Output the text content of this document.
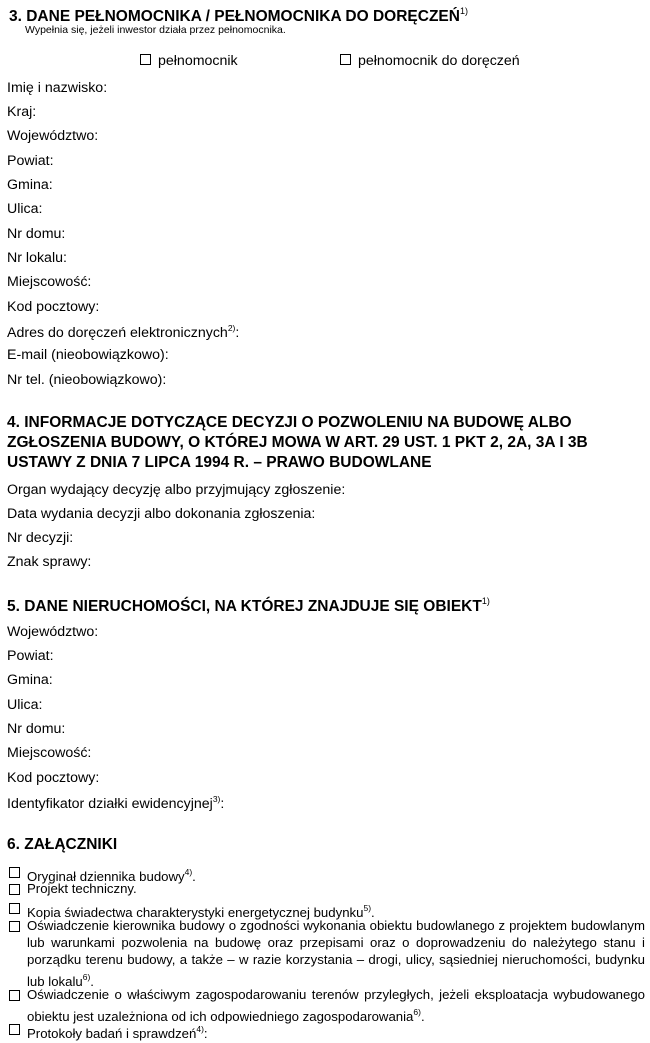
3. DANE PEŁNOMOCNIKA / PEŁNOMOCNIKA DO DORĘCZEŃ$^{1)}$
Wypełnia się, jeżeli inwestor działa przez pełnomocnika.
pełnomocnik	pełnomocnik do doręczeń
Imię i nazwisko:
Kraj:
Województwo:
Powiat:
Gmina:
Ulica:
Nr domu:
Nr lokalu:
Miejscowość:
Kod pocztowy:
Adres do doręczeń elektronicznych$^{2)}$:
E-mail (nieobowiązkowo):
Nr tel. (nieobowiązkowo):
4. INFORMACJE DOTYCZĄCE DECYZJI O POZWOLENIU NA BUDOWĘ ALBO
ZGŁOSZENIA BUDOWY, O KTÓREJ MOWA W ART. 29 UST. 1 PKT 2, 2A, 3A I 3B
USTAWY Z DNIA 7 LIPCA 1994 R. – PRAWO BUDOWLANE
Organ wydający decyzję albo przyjmujący zgłoszenie:
Data wydania decyzji albo dokonania zgłoszenia:
Nr decyzji:
Znak sprawy:
5. DANE NIERUCHOMOŚCI, NA KTÓREJ ZNAJDUJE SIĘ OBIEKT$^{1)}$
Województwo:
Powiat:
Gmina:
Ulica:
Nr domu:
Miejscowość:
Kod pocztowy:
Identyfikator działki ewidencyjnej$^{3)}$:
6. ZAŁĄCZNIKI
Oryginał dziennika budowy$^{4)}$.
Projekt techniczny.
Kopia świadectwa charakterystyki energetycznej budynku$^{5)}$.
Oświadczenie kierownika budowy o zgodności wykonania obiektu budowlanego z projektem budowlanym lub warunkami pozwolenia na budowę oraz przepisami oraz o doprowadzeniu do należytego stanu i porządku terenu budowy, a także – w razie korzystania – drogi, ulicy, sąsiedniej nieruchomości, budynku lub lokalu$^{6)}$.
Oświadczenie o właściwym zagospodarowaniu terenów przyległych, jeżeli eksploatacja wybudowanego obiektu jest uzależniona od ich odpowiedniego zagospodarowania$^{6)}$.
Protokoły badań i sprawdzeń$^{4)}$:
